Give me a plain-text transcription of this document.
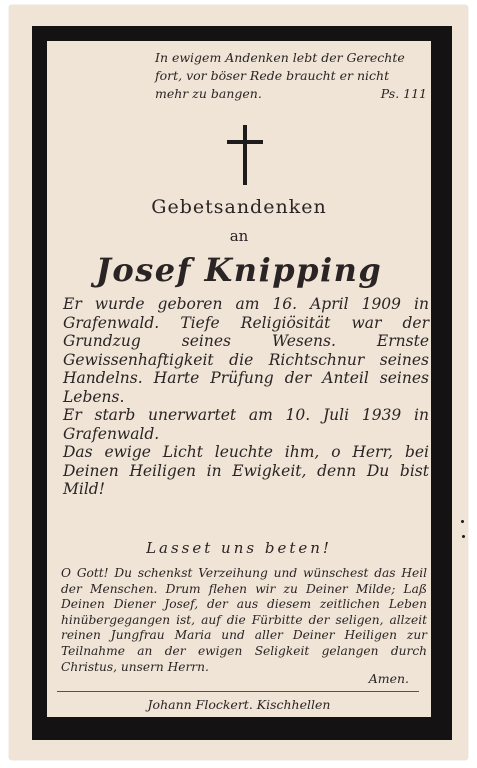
In ewigem Andenken lebt der Gerechte
fort, vor böser Rede braucht er nicht
mehr zu bangen.	Ps. 111
Gebetsandenken
an
Josef Knipping

Er wurde geboren am 16. April 1909 in Grafenwald. Tiefe Religiösität war der Grundzug seines Wesens. Ernste Gewissenhaftigkeit die Richtschnur seines Handelns. Harte Prüfung der Anteil seines Lebens.

Er starb unerwartet am 10. Juli 1939 in Grafenwald.

Das ewige Licht leuchte ihm, o Herr, bei Deinen Heiligen in Ewigkeit, denn Du bist Mild!

Lasset uns beten!

O Gott! Du schenkst Verzeihung und wünschest das Heil der Menschen. Drum flehen wir zu Deiner Milde; Laß Deinen Diener Josef, der aus diesem zeitlichen Leben hinübergegangen ist, auf die Fürbitte der seligen, allzeit reinen Jungfrau Maria und aller Deiner Heiligen zur Teilnahme an der ewigen Seligkeit gelangen durch Christus, unsern Herrn.

Amen.
Johann Flockert. Kischhellen
